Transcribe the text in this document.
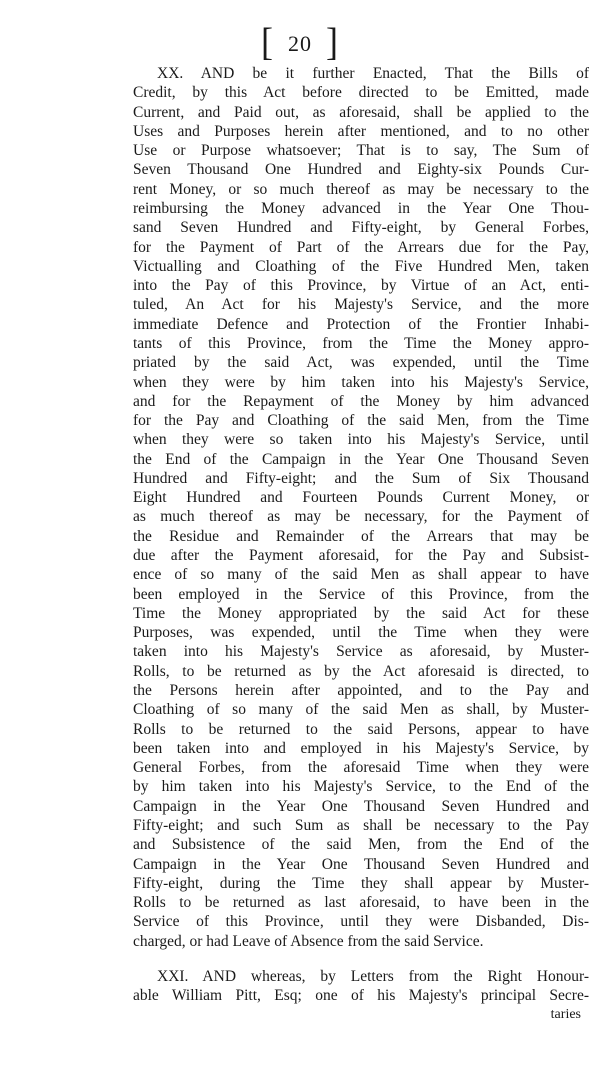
[ 20 ]

XX. AND be it further Enacted, That the Bills of
Credit, by this Act before directed to be Emitted, made
Current, and Paid out, as aforesaid, shall be applied to the
Uses and Purposes herein after mentioned, and to no other
Use or Purpose whatsoever; That is to say, The Sum of
Seven Thousand One Hundred and Eighty-six Pounds Cur-
rent Money, or so much thereof as may be necessary to the
reimbursing the Money advanced in the Year One Thou-
sand Seven Hundred and Fifty-eight, by General Forbes,
for the Payment of Part of the Arrears due for the Pay,
Victualling and Cloathing of the Five Hundred Men, taken
into the Pay of this Province, by Virtue of an Act, enti-
tuled, An Act for his Majesty's Service, and the more
immediate Defence and Protection of the Frontier Inhabi-
tants of this Province, from the Time the Money appro-
priated by the said Act, was expended, until the Time
when they were by him taken into his Majesty's Service,
and for the Repayment of the Money by him advanced
for the Pay and Cloathing of the said Men, from the Time
when they were so taken into his Majesty's Service, until
the End of the Campaign in the Year One Thousand Seven
Hundred and Fifty-eight; and the Sum of Six Thousand
Eight Hundred and Fourteen Pounds Current Money, or
as much thereof as may be necessary, for the Payment of
the Residue and Remainder of the Arrears that may be
due after the Payment aforesaid, for the Pay and Subsist-
ence of so many of the said Men as shall appear to have
been employed in the Service of this Province, from the
Time the Money appropriated by the said Act for these
Purposes, was expended, until the Time when they were
taken into his Majesty's Service as aforesaid, by Muster-
Rolls, to be returned as by the Act aforesaid is directed, to
the Persons herein after appointed, and to the Pay and
Cloathing of so many of the said Men as shall, by Muster-
Rolls to be returned to the said Persons, appear to have
been taken into and employed in his Majesty's Service, by
General Forbes, from the aforesaid Time when they were
by him taken into his Majesty's Service, to the End of the
Campaign in the Year One Thousand Seven Hundred and
Fifty-eight; and such Sum as shall be necessary to the Pay
and Subsistence of the said Men, from the End of the
Campaign in the Year One Thousand Seven Hundred and
Fifty-eight, during the Time they shall appear by Muster-
Rolls to be returned as last aforesaid, to have been in the
Service of this Province, until they were Disbanded, Dis-
charged, or had Leave of Absence from the said Service.

XXI. AND whereas, by Letters from the Right Honour-
able William Pitt, Esq; one of his Majesty's principal Secre-

taries
